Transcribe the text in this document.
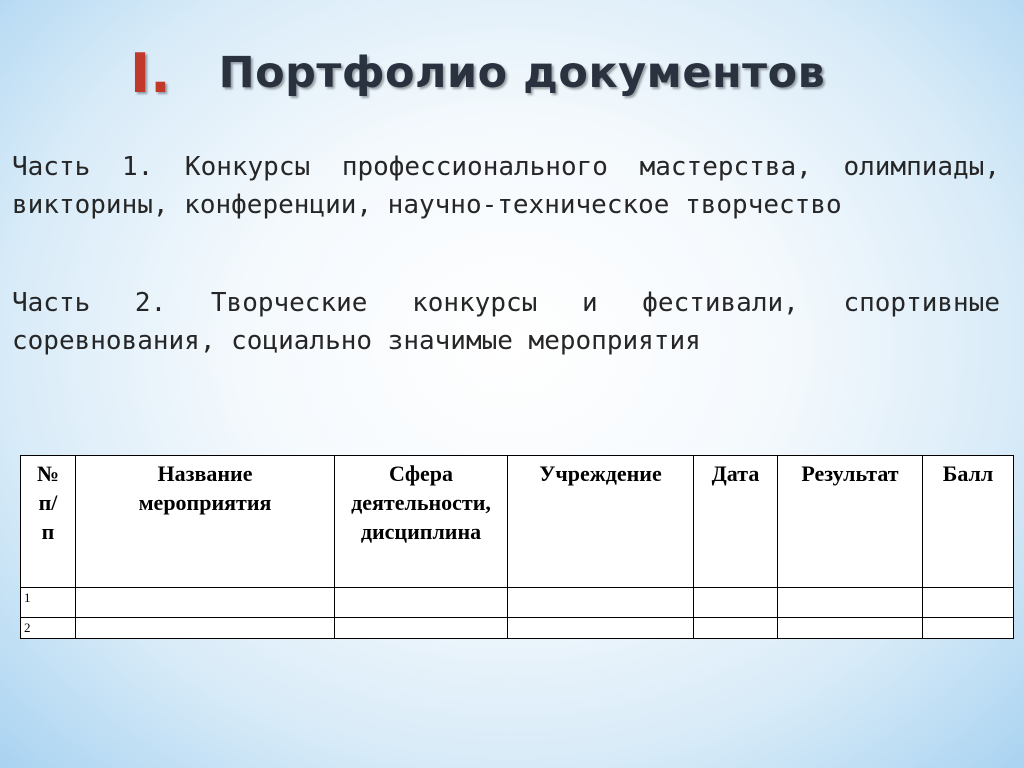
I. Портфолио документов
Часть 1. Конкурсы профессионального мастерства, олимпиады, викторины, конференции, научно-техническое творчество
Часть 2. Творческие конкурсы и фестивали, спортивные соревнования, социально значимые мероприятия
№ п/ п	Название мероприятия	Сфера деятельности, дисциплина	Учреждение	Дата	Результат	Балл
1						
2						
